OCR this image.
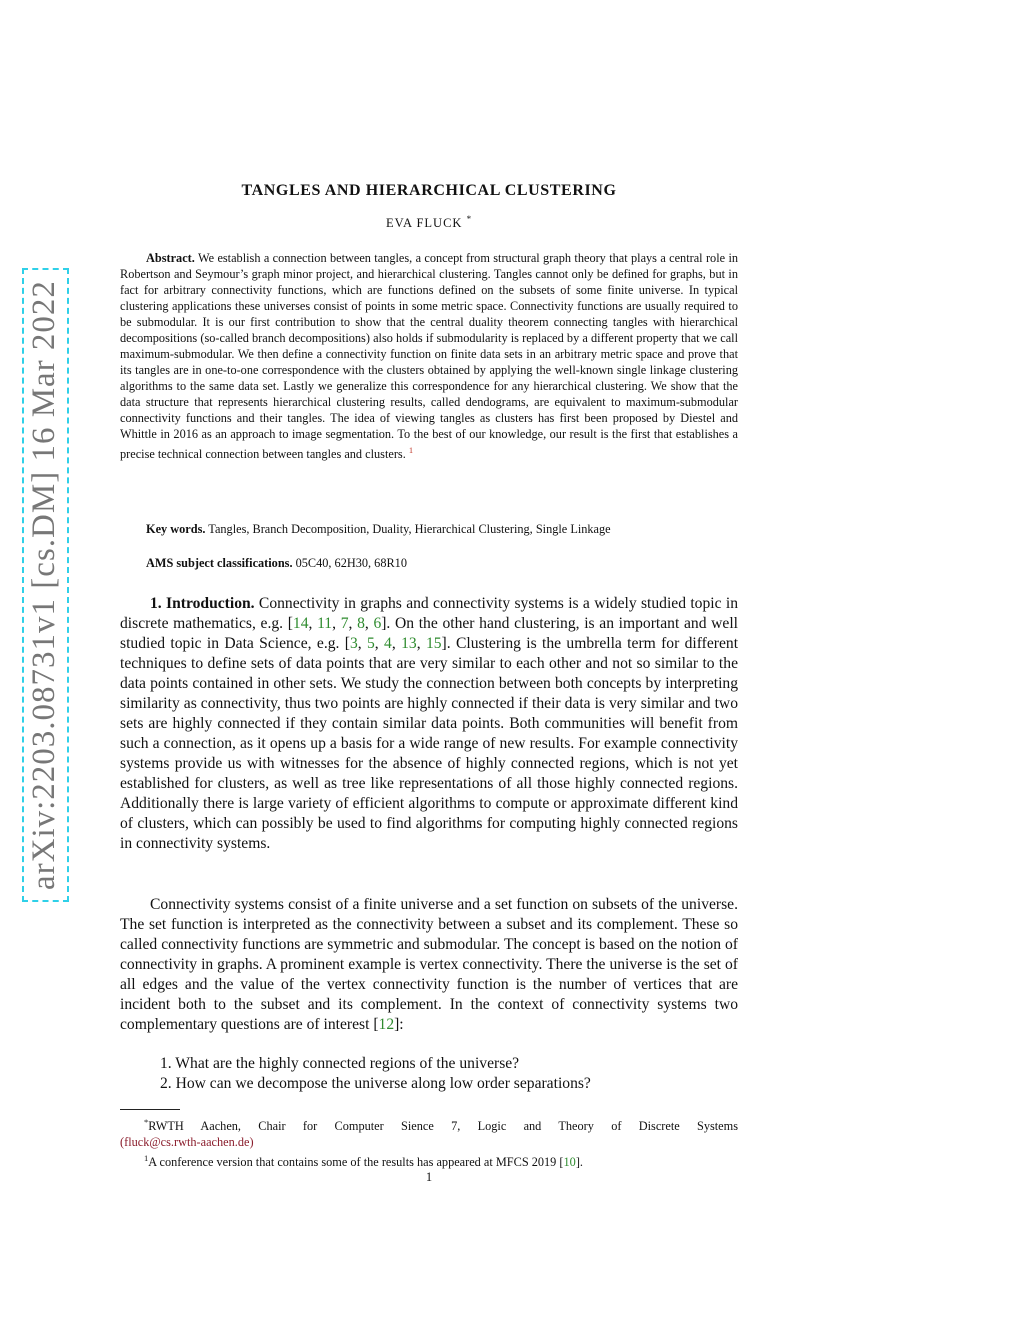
arXiv:2203.08731v1 [cs.DM] 16 Mar 2022
TANGLES AND HIERARCHICAL CLUSTERING
EVA FLUCK *
Abstract. We establish a connection between tangles, a concept from structural graph theory that plays a central role in Robertson and Seymour’s graph minor project, and hierarchical clustering. Tangles cannot only be defined for graphs, but in fact for arbitrary connectivity functions, which are functions defined on the subsets of some finite universe. In typical clustering applications these universes consist of points in some metric space. Connectivity functions are usually required to be submodular. It is our first contribution to show that the central duality theorem connecting tangles with hierarchical decompositions (so-called branch decompositions) also holds if submodularity is replaced by a different property that we call maximum-submodular. We then define a connectivity function on finite data sets in an arbitrary metric space and prove that its tangles are in one-to-one correspondence with the clusters obtained by applying the well-known single linkage clustering algorithms to the same data set. Lastly we generalize this correspondence for any hierarchical clustering. We show that the data structure that represents hierarchical clustering results, called dendograms, are equivalent to maximum-submodular connectivity functions and their tangles. The idea of viewing tangles as clusters has first been proposed by Diestel and Whittle in 2016 as an approach to image segmentation. To the best of our knowledge, our result is the first that establishes a precise technical connection between tangles and clusters. $^1$
Key words. Tangles, Branch Decomposition, Duality, Hierarchical Clustering, Single Linkage
AMS subject classifications. 05C40, 62H30, 68R10
1. Introduction. Connectivity in graphs and connectivity systems is a widely studied topic in discrete mathematics, e.g. [14, 11, 7, 8, 6]. On the other hand clustering, is an important and well studied topic in Data Science, e.g. [3, 5, 4, 13, 15]. Clustering is the umbrella term for different techniques to define sets of data points that are very similar to each other and not so similar to the data points contained in other sets. We study the connection between both concepts by interpreting similarity as connectivity, thus two points are highly connected if their data is very similar and two sets are highly connected if they contain similar data points. Both communities will benefit from such a connection, as it opens up a basis for a wide range of new results. For example connectivity systems provide us with witnesses for the absence of highly connected regions, which is not yet established for clusters, as well as tree like representations of all those highly connected regions. Additionally there is large variety of efficient algorithms to compute or approximate different kind of clusters, which can possibly be used to find algorithms for computing highly connected regions in connectivity systems.
Connectivity systems consist of a finite universe and a set function on subsets of the universe. The set function is interpreted as the connectivity between a subset and its complement. These so called connectivity functions are symmetric and submodular. The concept is based on the notion of connectivity in graphs. A prominent example is vertex connectivity. There the universe is the set of all edges and the value of the vertex connectivity function is the number of vertices that are incident both to the subset and its complement. In the context of connectivity systems two complementary questions are of interest [12]:
1. What are the highly connected regions of the universe?
2. How can we decompose the universe along low order separations?
*RWTH Aachen, Chair for Computer Sience 7, Logic and Theory of Discrete Systems
(fluck@cs.rwth-aachen.de)
$^1$A conference version that contains some of the results has appeared at MFCS 2019 [10].
1
